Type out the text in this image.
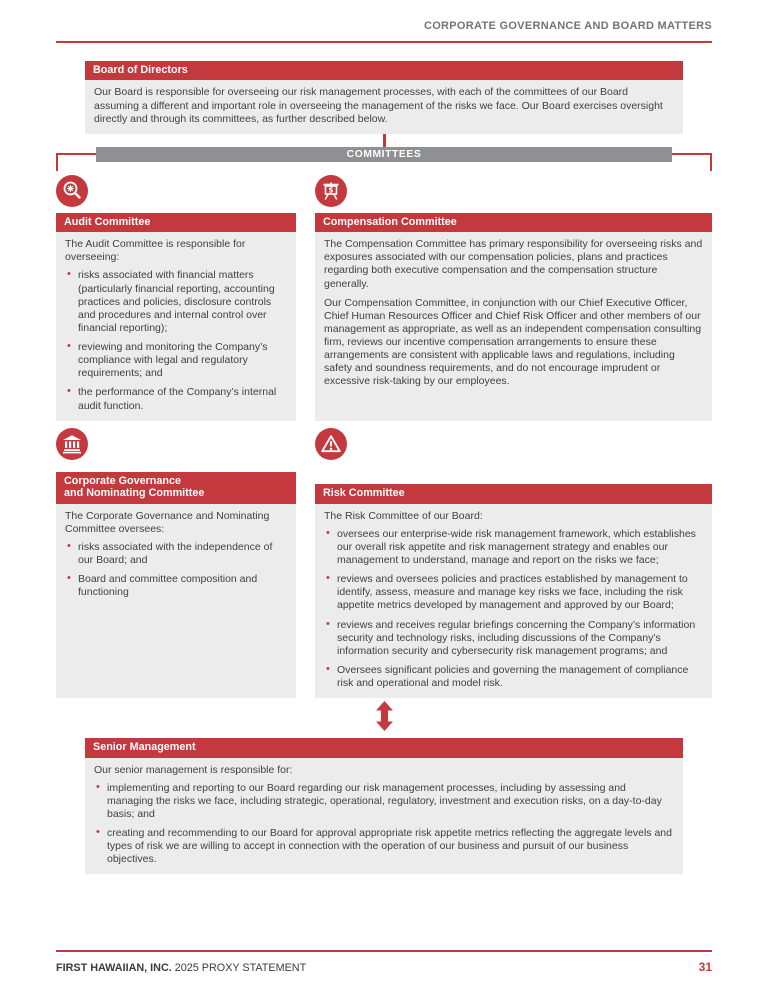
CORPORATE GOVERNANCE AND BOARD MATTERS
Board of Directors

Our Board is responsible for overseeing our risk management processes, with each of the committees of our Board assuming a different and important role in overseeing the management of the risks we face. Our Board exercises oversight directly and through its committees, as further described below.

COMMITTEES
Audit Committee

The Audit Committee is responsible for overseeing:

• risks associated with financial matters (particularly financial reporting, accounting practices and policies, disclosure controls and procedures and internal control over financial reporting);
• reviewing and monitoring the Company’s compliance with legal and regulatory requirements; and
• the performance of the Company’s internal audit function.
$
Compensation Committee

The Compensation Committee has primary responsibility for overseeing risks and exposures associated with our compensation policies, plans and practices regarding both executive compensation and the compensation structure generally.

Our Compensation Committee, in conjunction with our Chief Executive Officer, Chief Human Resources Officer and Chief Risk Officer and other members of our management as appropriate, as well as an independent compensation consulting firm, reviews our incentive compensation arrangements to ensure these arrangements are consistent with applicable laws and regulations, including safety and soundness requirements, and do not encourage imprudent or excessive risk-taking by our employees.

Corporate Governance
and Nominating Committee

The Corporate Governance and Nominating Committee oversees:

• risks associated with the independence of our Board; and
• Board and committee composition and functioning
Risk Committee

The Risk Committee of our Board:

• oversees our enterprise-wide risk management framework, which establishes our overall risk appetite and risk management strategy and enables our management to understand, manage and report on the risks we face;
• reviews and oversees policies and practices established by management to identify, assess, measure and manage key risks we face, including the risk appetite metrics developed by management and approved by our Board;
• reviews and receives regular briefings concerning the Company’s information security and technology risks, including discussions of the Company’s information security and cybersecurity risk management programs; and
• Oversees significant policies and governing the management of compliance risk and operational and model risk.
Senior Management

Our senior management is responsible for:

• implementing and reporting to our Board regarding our risk management processes, including by assessing and managing the risks we face, including strategic, operational, regulatory, investment and execution risks, on a day-to-day basis; and
• creating and recommending to our Board for approval appropriate risk appetite metrics reflecting the aggregate levels and types of risk we are willing to accept in connection with the operation of our business and pursuit of our business objectives.
FIRST HAWAIIAN, INC. 2025 PROXY STATEMENT	31
